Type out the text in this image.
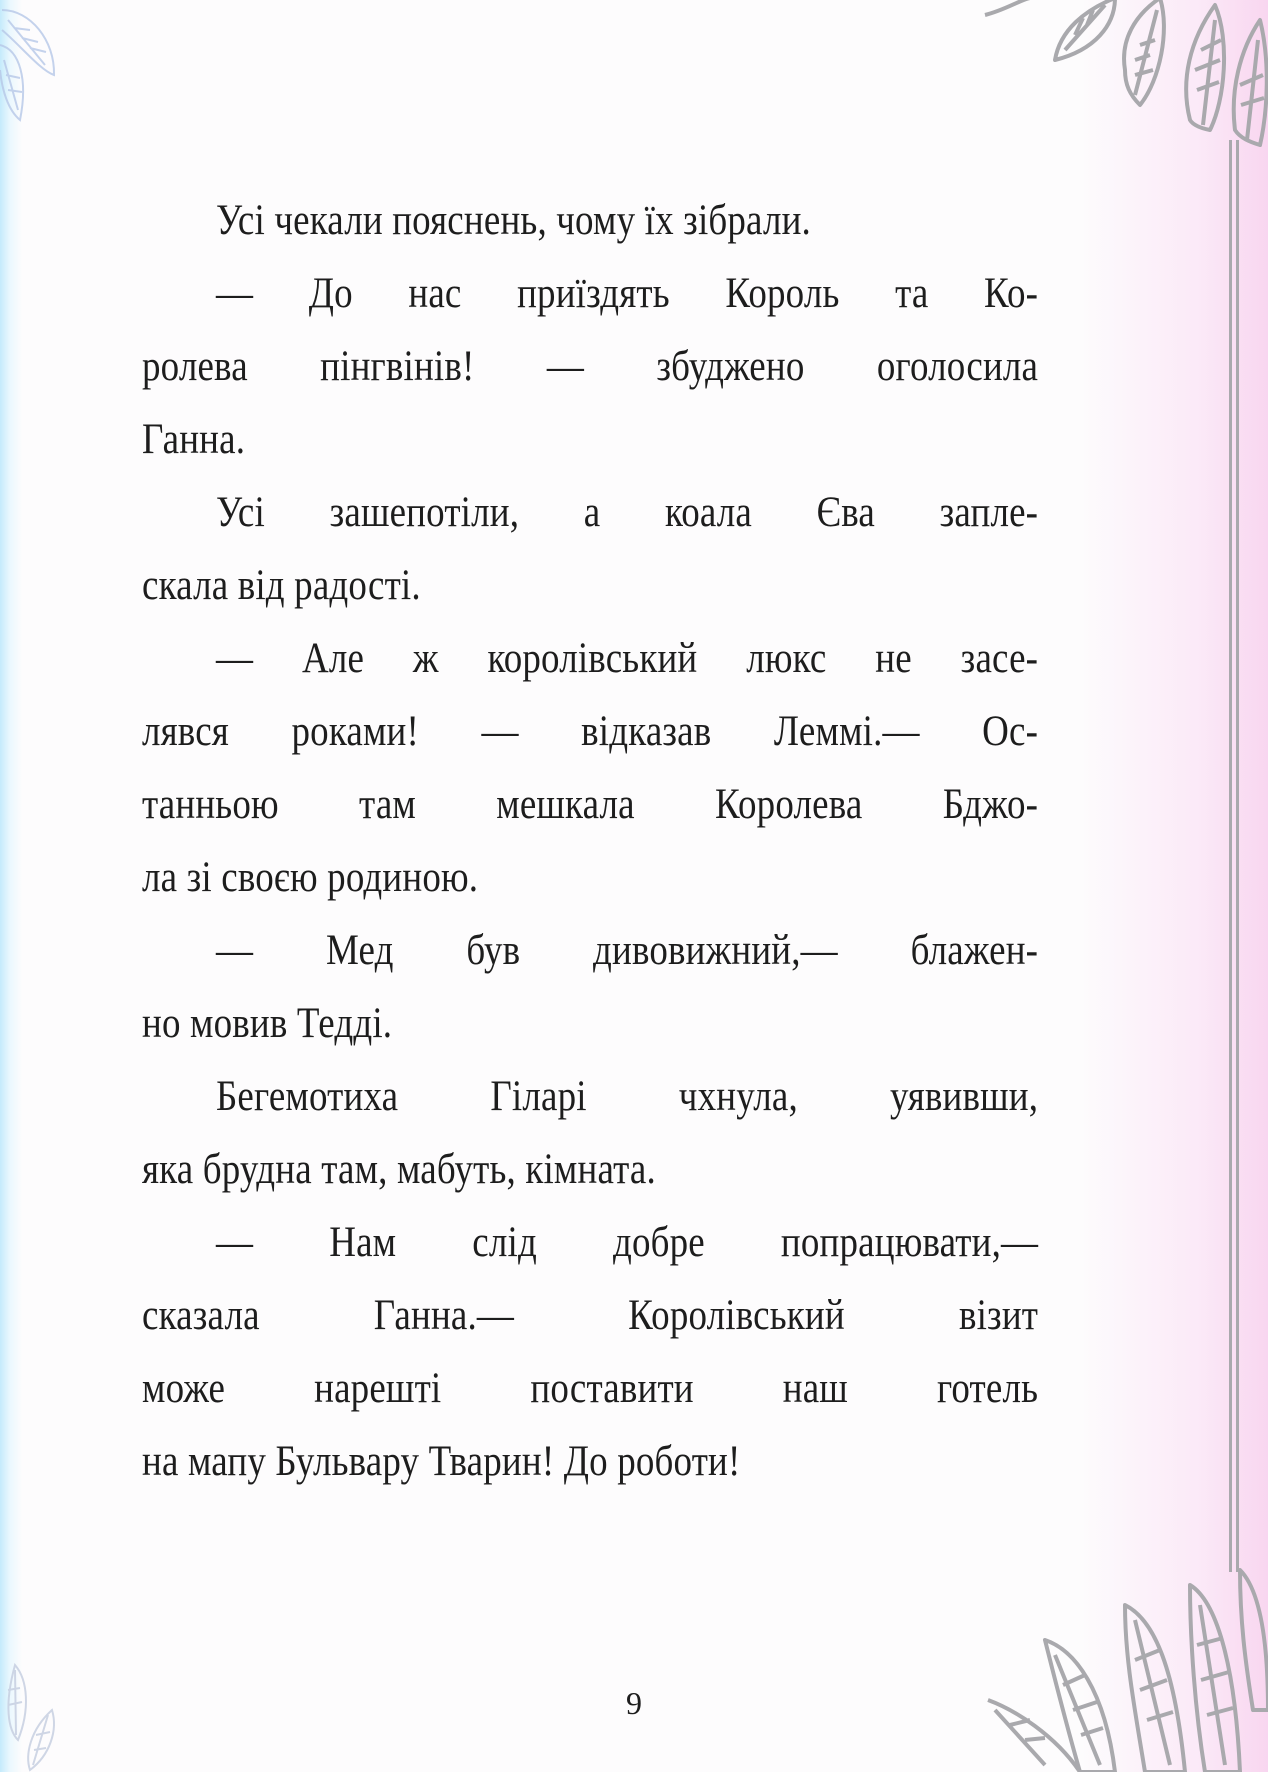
Усі чекали пояснень, чому їх зібрали.
— До нас приїздять Король та Ко-
ролева пінгвінів! — збуджено оголосила
Ганна.
Усі зашепотіли, а коала Єва запле-
скала від радості.
— Але ж королівський люкс не засе-
лявся роками! — відказав Леммі.— Ос-
танньою там мешкала Королева Бджо-
ла зі своєю родиною.
— Мед був дивовижний,— блажен-
но мовив Тедді.
Бегемотиха Гіларі чхнула, уявивши,
яка брудна там, мабуть, кімната.
— Нам слід добре попрацювати,—
сказала Ганна.— Королівський візит
може нарешті поставити наш готель
на мапу Бульвару Тварин! До роботи!
9
